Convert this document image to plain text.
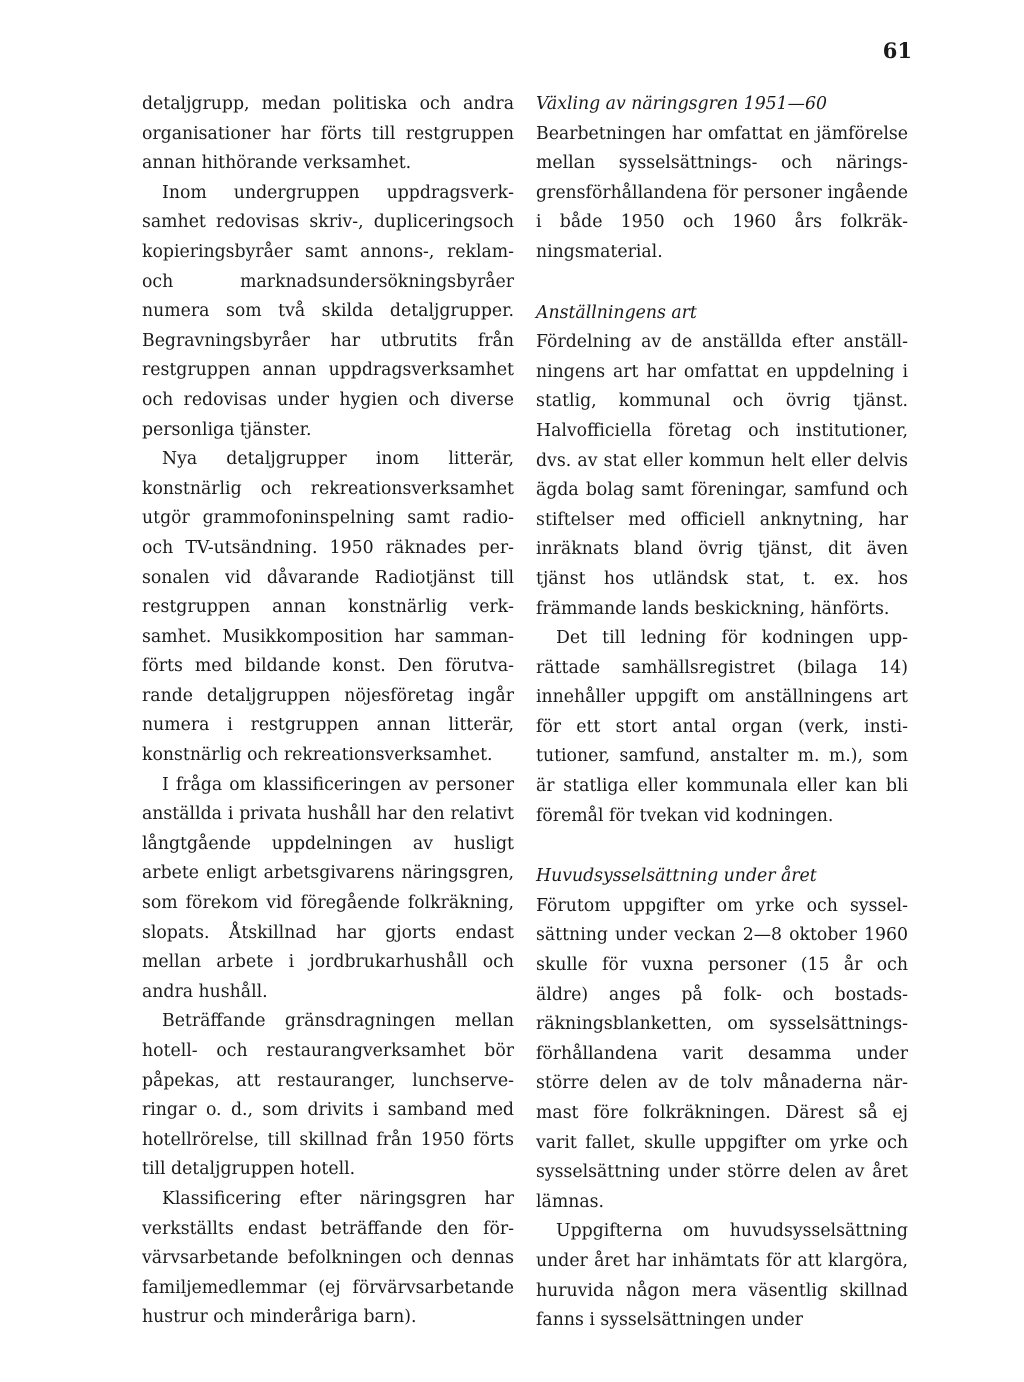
61

detaljgrupp, medan politiska och andra organisationer har förts till restgruppen annan hithörande verksamhet.

Inom undergruppen uppdragsverksamhet redovisas skriv-, dupliceringsoch kopieringsbyråer samt annons-, reklam- och marknadsundersökningsbyråer numera som två skilda detaljgrupper. Begravningsbyråer har utbrutits från restgruppen annan uppdragsverksamhet och redovisas under hygien och diverse personliga tjänster.

Nya detaljgrupper inom litterär, konstnärlig och rekreationsverksamhet utgör grammofoninspelning samt radio- och TV-utsändning. 1950 räknades personalen vid dåvarande Radiotjänst till restgruppen annan konstnärlig verksamhet. Musikkomposition har sammanförts med bildande konst. Den förutvarande detaljgruppen nöjesföretag ingår numera i restgruppen annan litterär, konstnärlig och rekreationsverksamhet.

I fråga om klassificeringen av personer anställda i privata hushåll har den relativt långtgående uppdelningen av husligt arbete enligt arbetsgivarens näringsgren, som förekom vid föregående folkräkning, slopats. Åtskillnad har gjorts endast mellan arbete i jordbrukarhushåll och andra hushåll.

Beträffande gränsdragningen mellan hotell- och restaurangverksamhet bör påpekas, att restauranger, lunchserveringar o. d., som drivits i samband med hotellrörelse, till skillnad från 1950 förts till detaljgruppen hotell.

Klassificering efter näringsgren har verkställts endast beträffande den förvärvsarbetande befolkningen och dennas familjemedlemmar (ej förvärvsarbetande hustrur och minderåriga barn).

Växling av näringsgren 1951—60

Bearbetningen har omfattat en jämförelse mellan sysselsättnings- och näringsgrensförhållandena för personer ingående i både 1950 och 1960 års folkräkningsmaterial.

Anställningens art

Fördelning av de anställda efter anställningens art har omfattat en uppdelning i statlig, kommunal och övrig tjänst. Halvofficiella företag och institutioner, dvs. av stat eller kommun helt eller delvis ägda bolag samt föreningar, samfund och stiftelser med officiell anknytning, har inräknats bland övrig tjänst, dit även tjänst hos utländsk stat, t. ex. hos främmande lands beskickning, hänförts.

Det till ledning för kodningen upprättade samhällsregistret (bilaga 14) innehåller uppgift om anställningens art för ett stort antal organ (verk, institutioner, samfund, anstalter m. m.), som är statliga eller kommunala eller kan bli föremål för tvekan vid kodningen.

Huvudsysselsättning under året

Förutom uppgifter om yrke och sysselsättning under veckan 2—8 oktober 1960 skulle för vuxna personer (15 år och äldre) anges på folk- och bostadsräkningsblanketten, om sysselsättningsförhållandena varit desamma under större delen av de tolv månaderna närmast före folkräkningen. Därest så ej varit fallet, skulle uppgifter om yrke och sysselsättning under större delen av året lämnas.

Uppgifterna om huvudsysselsättning under året har inhämtats för att klargöra, huruvida någon mera väsentlig skillnad fanns i sysselsättningen under
